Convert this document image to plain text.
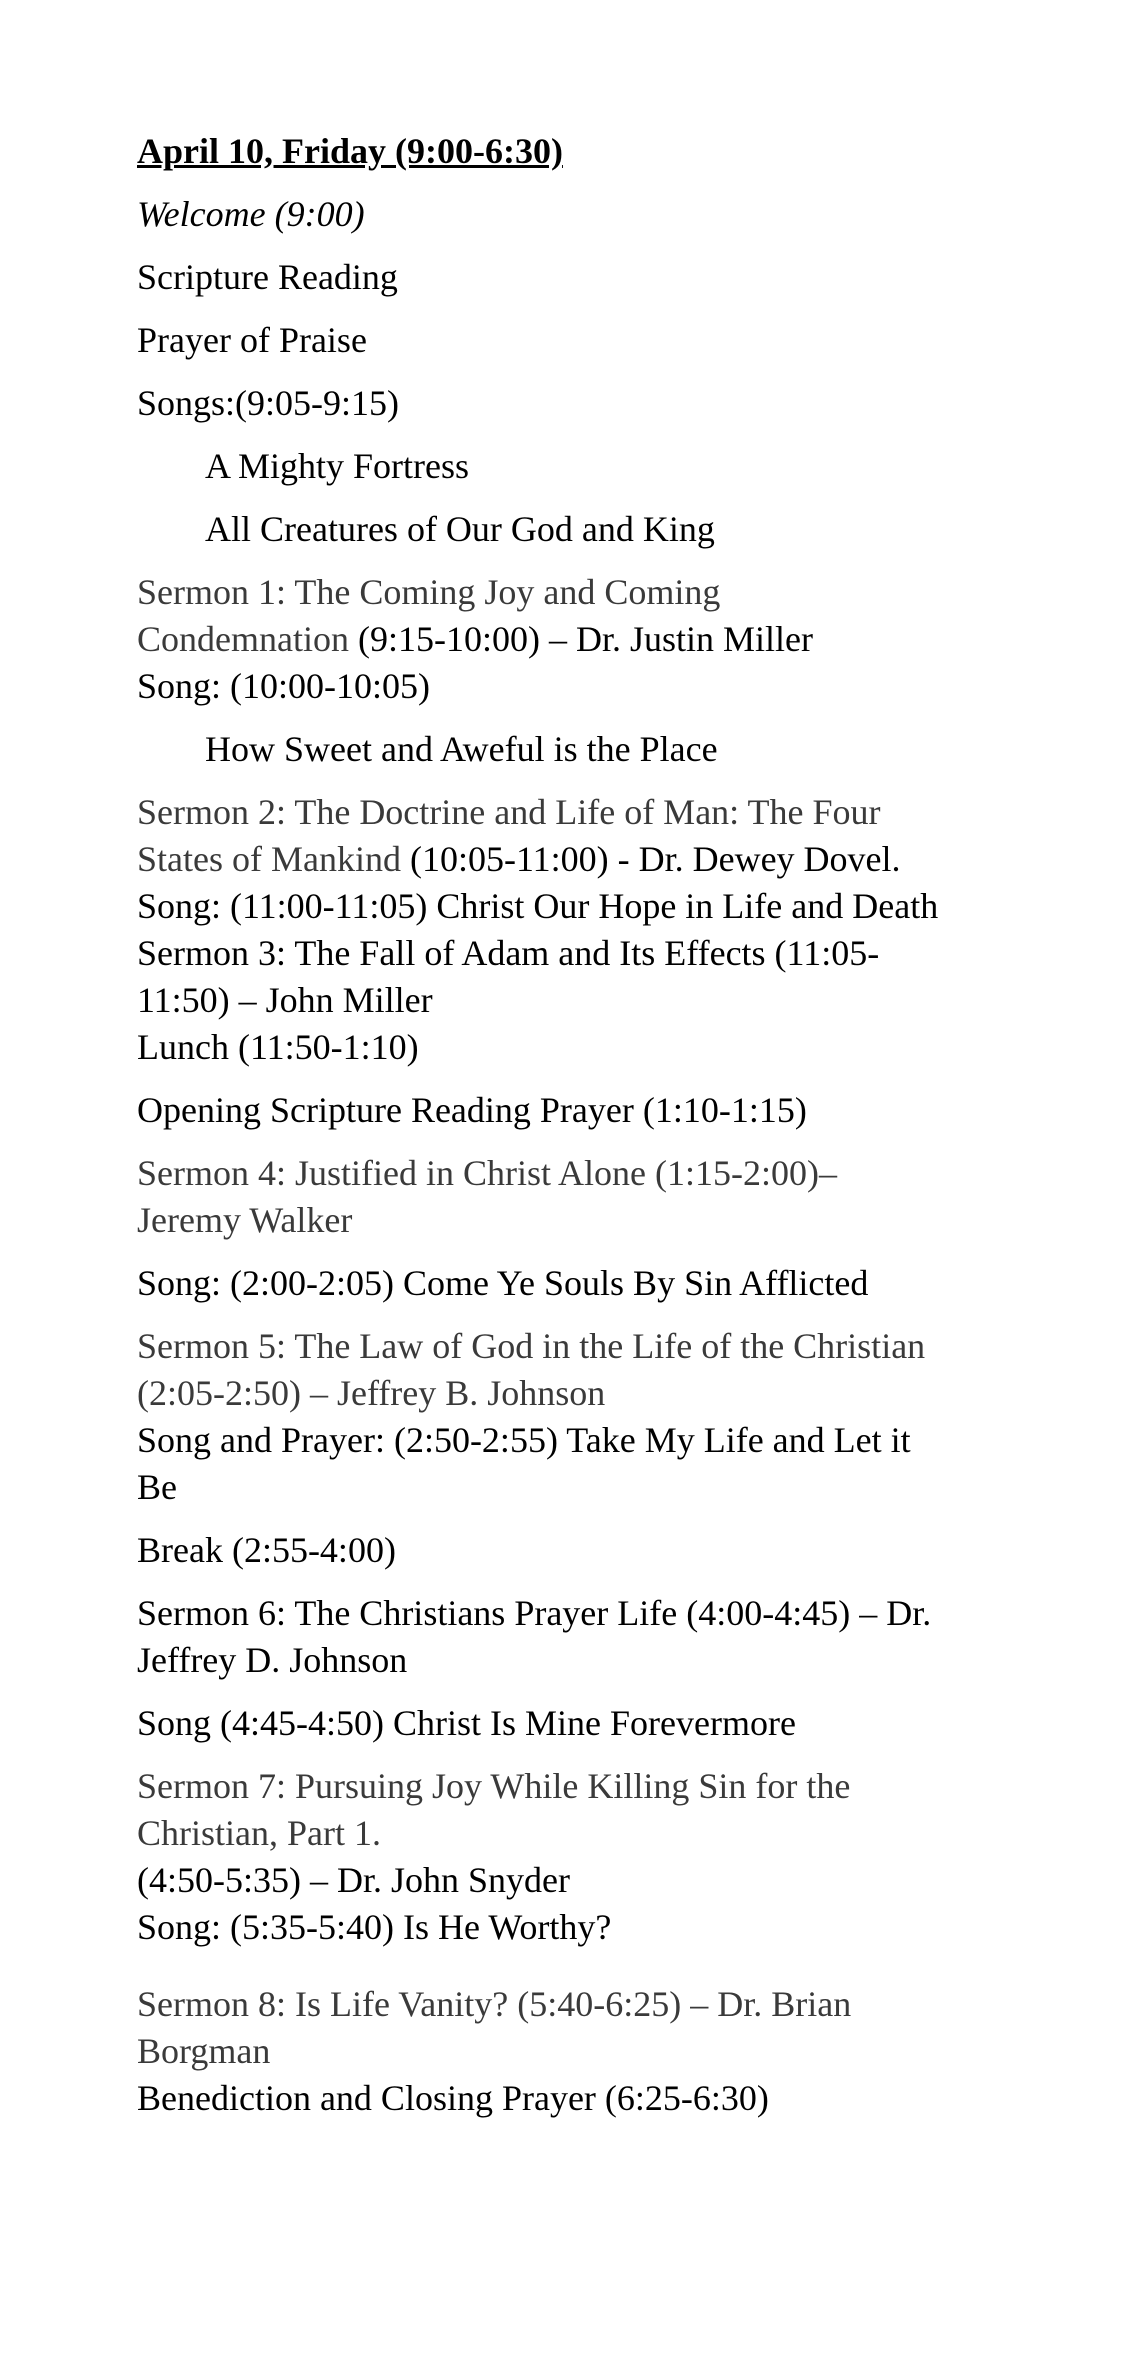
April 10, Friday (9:00-6:30)

Welcome (9:00)

Scripture Reading

Prayer of Praise

Songs:(9:05-9:15)

A Mighty Fortress

All Creatures of Our God and King

Sermon 1: The Coming Joy and Coming

Condemnation (9:15-10:00) – Dr. Justin Miller

Song: (10:00-10:05)

How Sweet and Aweful is the Place

Sermon 2: The Doctrine and Life of Man: The Four

States of Mankind (10:05-11:00) - Dr. Dewey Dovel.

Song: (11:00-11:05) Christ Our Hope in Life and Death

Sermon 3: The Fall of Adam and Its Effects (11:05-

11:50) – John Miller

Lunch (11:50-1:10)

Opening Scripture Reading Prayer (1:10-1:15)

Sermon 4: Justified in Christ Alone (1:15-2:00)–

Jeremy Walker

Song: (2:00-2:05) Come Ye Souls By Sin Afflicted

Sermon 5: The Law of God in the Life of the Christian

(2:05-2:50) – Jeffrey B. Johnson

Song and Prayer: (2:50-2:55) Take My Life and Let it

Be

Break (2:55-4:00)

Sermon 6: The Christians Prayer Life (4:00-4:45) – Dr.

Jeffrey D. Johnson

Song (4:45-4:50) Christ Is Mine Forevermore

Sermon 7: Pursuing Joy While Killing Sin for the

Christian, Part 1.

(4:50-5:35) – Dr. John Snyder

Song: (5:35-5:40) Is He Worthy?

Sermon 8: Is Life Vanity? (5:40-6:25) – Dr. Brian

Borgman

Benediction and Closing Prayer (6:25-6:30)
